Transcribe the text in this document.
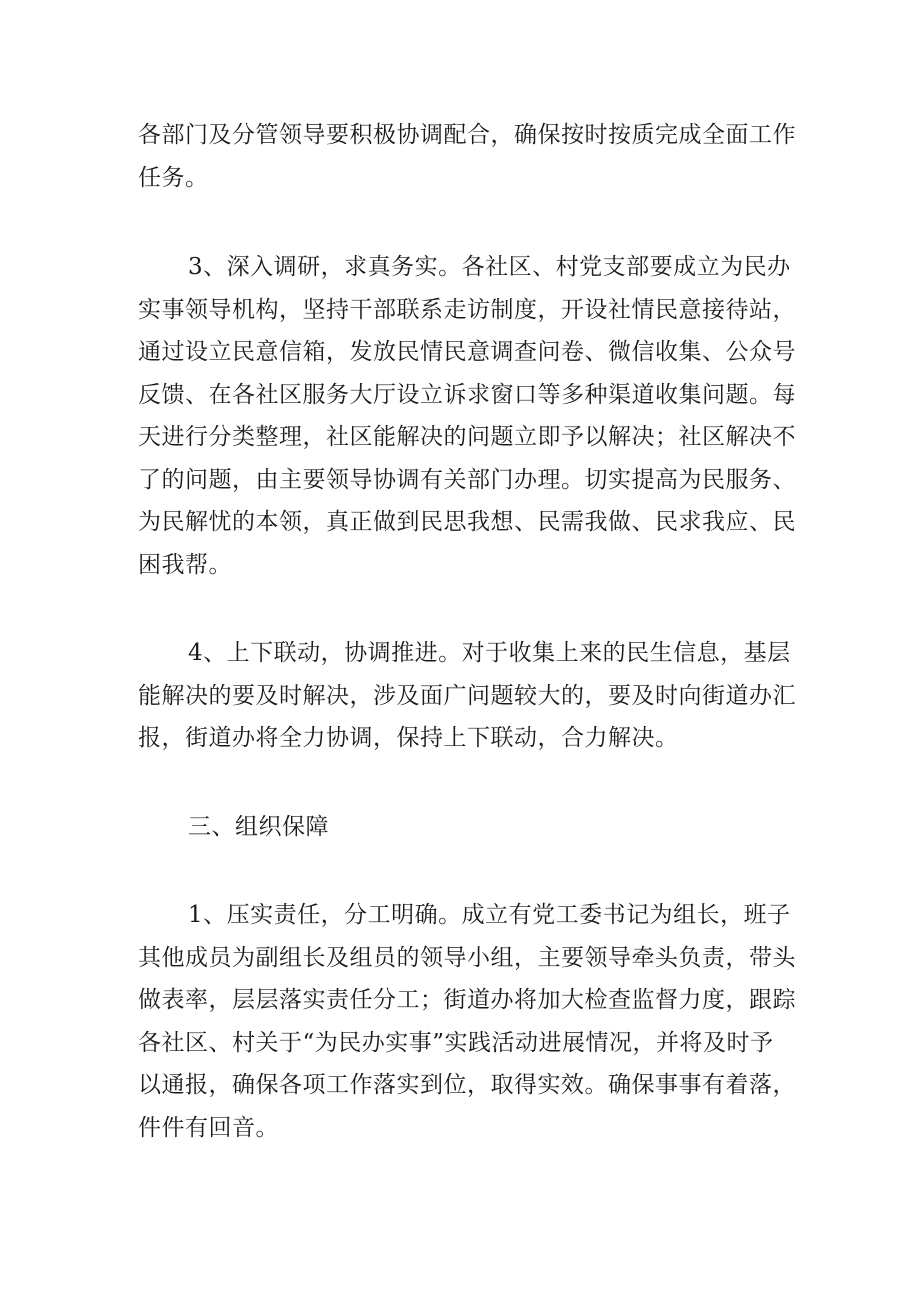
各部门及分管领导要积极协调配合，确保按时按质完成全面工作
任务。

3、深入调研，求真务实。各社区、村党支部要成立为民办
实事领导机构，坚持干部联系走访制度，开设社情民意接待站，
通过设立民意信箱，发放民情民意调查问卷、微信收集、公众号
反馈、在各社区服务大厅设立诉求窗口等多种渠道收集问题。每
天进行分类整理，社区能解决的问题立即予以解决；社区解决不
了的问题，由主要领导协调有关部门办理。切实提高为民服务、
为民解忧的本领，真正做到民思我想、民需我做、民求我应、民
困我帮。

4、上下联动，协调推进。对于收集上来的民生信息，基层
能解决的要及时解决，涉及面广问题较大的，要及时向街道办汇
报，街道办将全力协调，保持上下联动，合力解决。

三、组织保障

1、压实责任，分工明确。成立有党工委书记为组长，班子
其他成员为副组长及组员的领导小组，主要领导牵头负责，带头
做表率，层层落实责任分工；街道办将加大检查监督力度，跟踪
各社区、村关于“为民办实事”实践活动进展情况，并将及时予
以通报，确保各项工作落实到位，取得实效。确保事事有着落，
件件有回音。
